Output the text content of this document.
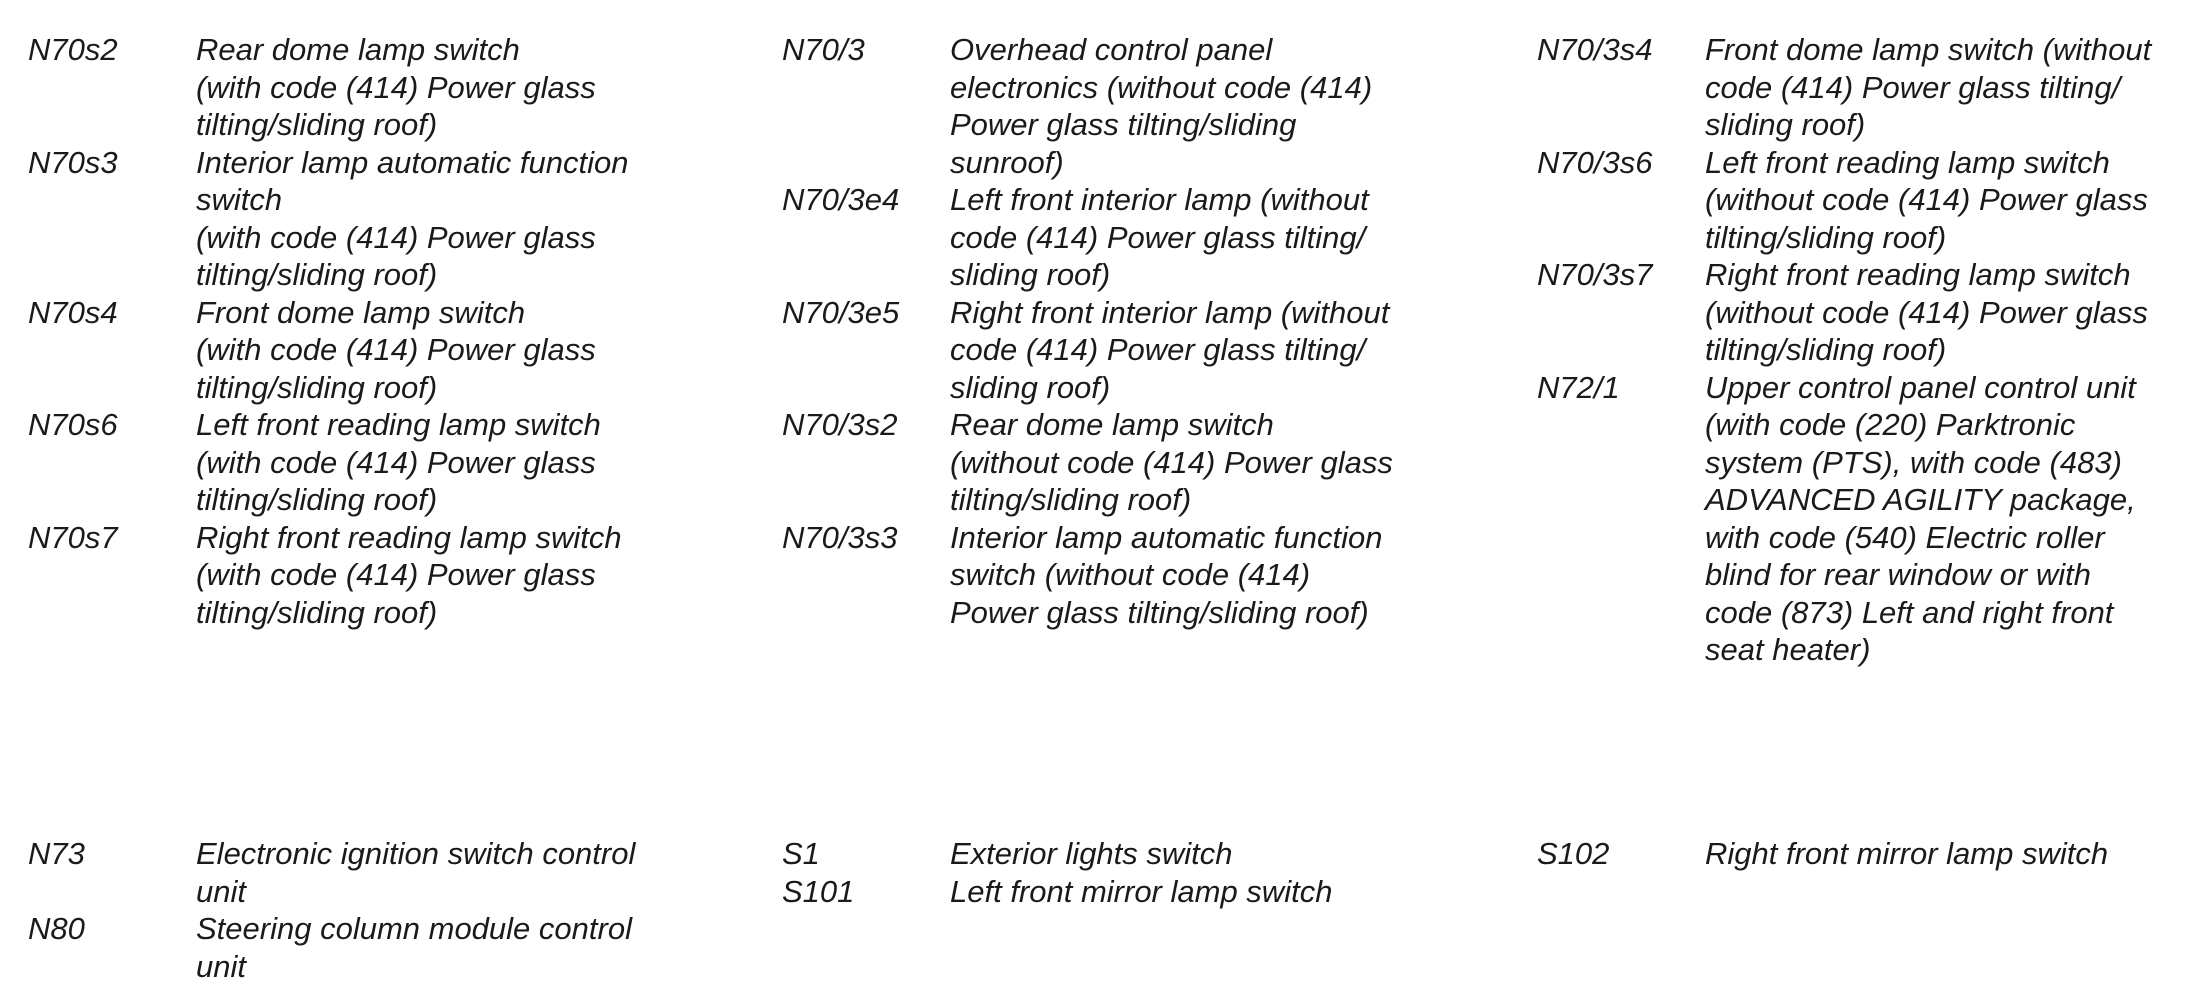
N70s2	Rear dome lamp switch
(with code (414) Power glass
tilting/sliding roof)
N70s3	Interior lamp automatic function
switch
(with code (414) Power glass
tilting/sliding roof)
N70s4	Front dome lamp switch
(with code (414) Power glass
tilting/sliding roof)
N70s6	Left front reading lamp switch
(with code (414) Power glass
tilting/sliding roof)
N70s7	Right front reading lamp switch
(with code (414) Power glass
tilting/sliding roof)
N70/3	Overhead control panel
electronics (without code (414)
Power glass tilting/sliding
sunroof)
N70/3e4 Left front interior lamp (without
code (414) Power glass tilting/
sliding roof)
N70/3e5 Right front interior lamp (without
code (414) Power glass tilting/
sliding roof)
N70/3s2 Rear dome lamp switch
(without code (414) Power glass
tilting/sliding roof)
N70/3s3 Interior lamp automatic function
switch (without code (414)
Power glass tilting/sliding roof)
N70/3s4 Front dome lamp switch (without
code (414) Power glass tilting/
sliding roof)
N70/3s6 Left front reading lamp switch
(without code (414) Power glass
tilting/sliding roof)
N70/3s7 Right front reading lamp switch
(without code (414) Power glass
tilting/sliding roof)
N72/1	Upper control panel control unit
(with code (220) Parktronic
system (PTS), with code (483)
ADVANCED AGILITY package,
with code (540) Electric roller
blind for rear window or with
code (873) Left and right front
seat heater)
N73	Electronic ignition switch control
unit
N80	Steering column module control
unit
S1	Exterior lights switch
S101	Left front mirror lamp switch
S102	Right front mirror lamp switch
